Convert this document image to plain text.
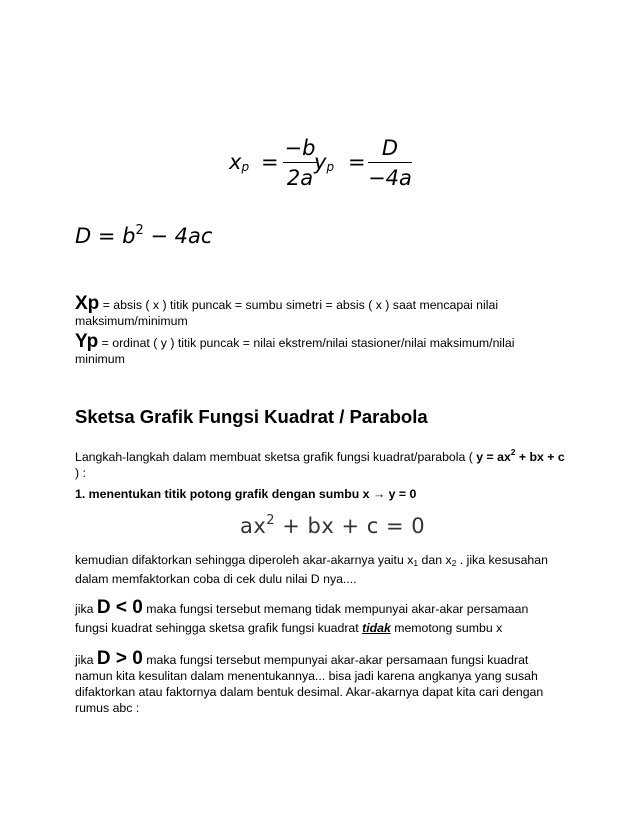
xp =
−b
2a
yp =
D
−4a
$D = b^2 - 4ac$
Xp = absis ( x ) titik puncak = sumbu simetri = absis ( x ) saat mencapai nilai maksimum/minimum
Yp = ordinat ( y ) titik puncak = nilai ekstrem/nilai stasioner/nilai maksimum/nilai minimum
Sketsa Grafik Fungsi Kuadrat / Parabola
Langkah-langkah dalam membuat sketsa grafik fungsi kuadrat/parabola ( $y = ax^2$ + bx + c ) :
1. menentukan titik potong grafik dengan sumbu x → y = 0
$ax^2$ + bx + c = 0
kemudian difaktorkan sehingga diperoleh akar-akarnya yaitu $x_1$ dan $x_2$ . jika kesusahan dalam memfaktorkan coba di cek dulu nilai D nya....
jika D < 0 maka fungsi tersebut memang tidak mempunyai akar-akar persamaan fungsi kuadrat sehingga sketsa grafik fungsi kuadrat tidak memotong sumbu x
jika D > 0 maka fungsi tersebut mempunyai akar-akar persamaan fungsi kuadrat namun kita kesulitan dalam menentukannya... bisa jadi karena angkanya yang susah difaktorkan atau faktornya dalam bentuk desimal. Akar-akarnya dapat kita cari dengan rumus abc :
